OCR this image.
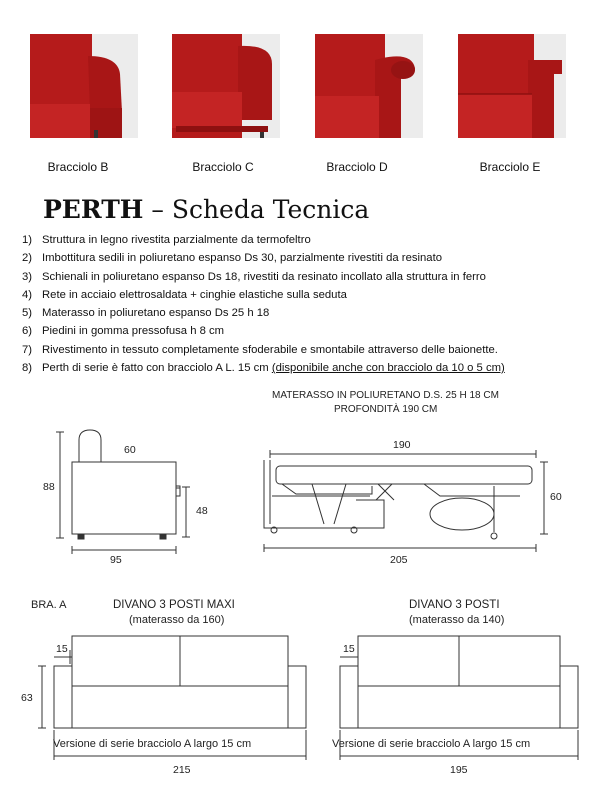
Bracciolo B	Bracciolo C	Bracciolo D	Bracciolo E
PERTH – Scheda Tecnica
1) Struttura in legno rivestita parzialmente da termofeltro
2) Imbottitura sedili in poliuretano espanso Ds 30, parzialmente rivestiti da resinato
3) Schienali in poliuretano espanso Ds 18, rivestiti da resinato incollato alla struttura in ferro
4) Rete in acciaio elettrosaldata + cinghie elastiche sulla seduta
5) Materasso in poliuretano espanso Ds 25 h 18
6) Piedini in gomma pressofusa h 8 cm
7) Rivestimento in tessuto completamente sfoderabile e smontabile attraverso delle baionette.
8) Perth di serie è fatto con bracciolo A L. 15 cm (disponibile anche con bracciolo da 10 o 5 cm)
88
60
48
95
MATERASSO IN POLIURETANO D.S. 25 H 18 CM
PROFONDITÀ 190 CM
190
60
205
BRA. A	DIVANO 3 POSTI MAXI
(materasso da 160)
DIVANO 3 POSTI
(materasso da 140)
63
15	15
Versione di serie bracciolo A largo 15 cm	Versione di serie bracciolo A largo 15 cm
215	195
